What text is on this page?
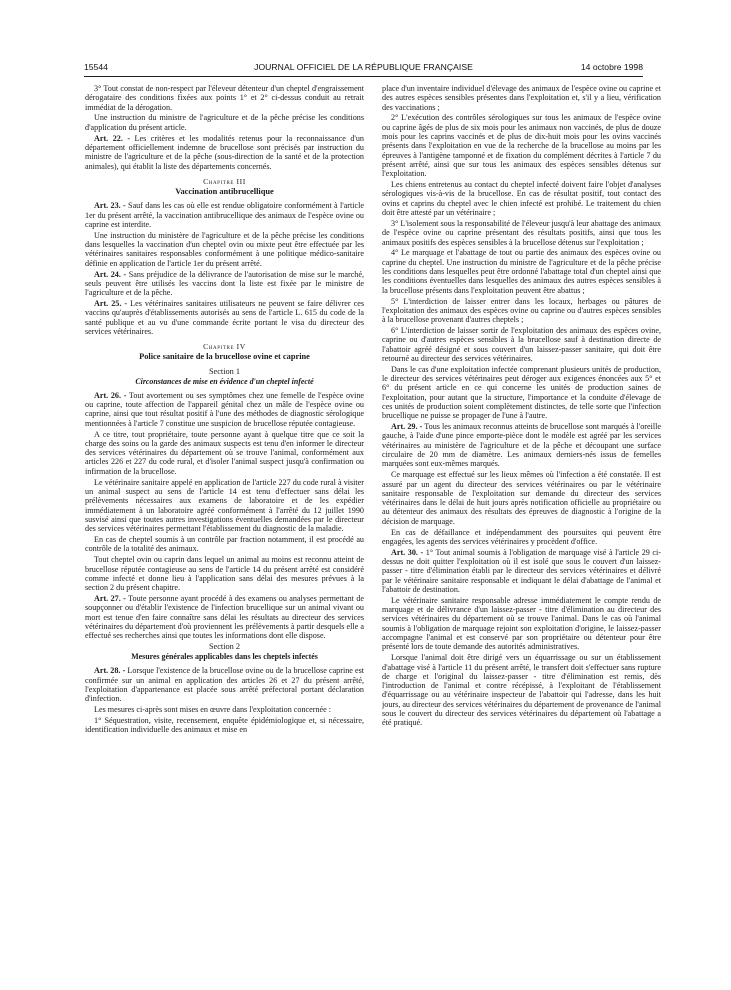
15544	JOURNAL OFFICIEL DE LA RÉPUBLIQUE FRANÇAISE	14 octobre 1998

3° Tout constat de non-respect par l'éleveur détenteur d'un cheptel d'engraissement dérogataire des conditions fixées aux points 1° et 2° ci-dessus conduit au retrait immédiat de la dérogation.

Une instruction du ministre de l'agriculture et de la pêche précise les conditions d'application du présent article.

Art. 22. - Les critères et les modalités retenus pour la reconnaissance d'un département officiellement indemne de brucellose sont précisés par instruction du ministre de l'agriculture et de la pêche (sous-direction de la santé et de la protection animales), qui établit la liste des départements concernés.

Chapitre III

Vaccination antibrucellique

Art. 23. - Sauf dans les cas où elle est rendue obligatoire conformément à l'article 1er du présent arrêté, la vaccination antibrucellique des animaux de l'espèce ovine ou caprine est interdite.

Une instruction du ministère de l'agriculture et de la pêche précise les conditions dans lesquelles la vaccination d'un cheptel ovin ou mixte peut être effectuée par les vétérinaires sanitaires responsables conformément à une politique médico-sanitaire définie en application de l'article 1er du présent arrêté.

Art. 24. - Sans préjudice de la délivrance de l'autorisation de mise sur le marché, seuls peuvent être utilisés les vaccins dont la liste est fixée par le ministre de l'agriculture et de la pêche.

Art. 25. - Les vétérinaires sanitaires utilisateurs ne peuvent se faire délivrer ces vaccins qu'auprès d'établissements autorisés au sens de l'article L. 615 du code de la santé publique et au vu d'une commande écrite portant le visa du directeur des services vétérinaires.

Chapitre IV

Police sanitaire de la brucellose ovine et caprine

Section 1

Circonstances de mise en évidence d'un cheptel infecté

Art. 26. - Tout avortement ou ses symptômes chez une femelle de l'espèce ovine ou caprine, toute affection de l'appareil génital chez un mâle de l'espèce ovine ou caprine, ainsi que tout résultat positif à l'une des méthodes de diagnostic sérologique mentionnées à l'article 7 constitue une suspicion de brucellose réputée contagieuse.

A ce titre, tout propriétaire, toute personne ayant à quelque titre que ce soit la charge des soins ou la garde des animaux suspects est tenu d'en informer le directeur des services vétérinaires du département où se trouve l'animal, conformément aux articles 226 et 227 du code rural, et d'isoler l'animal suspect jusqu'à confirmation ou infirmation de la brucellose.

Le vétérinaire sanitaire appelé en application de l'article 227 du code rural à visiter un animal suspect au sens de l'article 14 est tenu d'effectuer sans délai les prélèvements nécessaires aux examens de laboratoire et de les expédier immédiatement à un laboratoire agréé conformément à l'arrêté du 12 juillet 1990 susvisé ainsi que toutes autres investigations éventuelles demandées par le directeur des services vétérinaires permettant l'établissement du diagnostic de la maladie.

En cas de cheptel soumis à un contrôle par fraction notamment, il est procédé au contrôle de la totalité des animaux.

Tout cheptel ovin ou caprin dans lequel un animal au moins est reconnu atteint de brucellose réputée contagieuse au sens de l'article 14 du présent arrêté est considéré comme infecté et donne lieu à l'application sans délai des mesures prévues à la section 2 du présent chapitre.

Art. 27. - Toute personne ayant procédé à des examens ou analyses permettant de soupçonner ou d'établir l'existence de l'infection brucellique sur un animal vivant ou mort est tenue d'en faire connaître sans délai les résultats au directeur des services vétérinaires du département d'où proviennent les prélèvements à partir desquels elle a effectué ses recherches ainsi que toutes les informations dont elle dispose.

Section 2

Mesures générales applicables dans les cheptels infectés

Art. 28. - Lorsque l'existence de la brucellose ovine ou de la brucellose caprine est confirmée sur un animal en application des articles 26 et 27 du présent arrêté, l'exploitation d'appartenance est placée sous arrêté préfectoral portant déclaration d'infection.

Les mesures ci-après sont mises en œuvre dans l'exploitation concernée :

1° Séquestration, visite, recensement, enquête épidémiologique et, si nécessaire, identification individuelle des animaux et mise en

place d'un inventaire individuel d'élevage des animaux de l'espèce ovine ou caprine et des autres espèces sensibles présentes dans l'exploitation et, s'il y a lieu, vérification des vaccinations ;

2° L'exécution des contrôles sérologiques sur tous les animaux de l'espèce ovine ou caprine âgés de plus de six mois pour les animaux non vaccinés, de plus de douze mois pour les caprins vaccinés et de plus de dix-huit mois pour les ovins vaccinés présents dans l'exploitation en vue de la recherche de la brucellose au moins par les épreuves à l'antigène tamponné et de fixation du complément décrites à l'article 7 du présent arrêté, ainsi que sur tous les animaux des espèces sensibles détenus sur l'exploitation.

Les chiens entretenus au contact du cheptel infecté doivent faire l'objet d'analyses sérologiques vis-à-vis de la brucellose. En cas de résultat positif, tout contact des ovins et caprins du cheptel avec le chien infecté est prohibé. Le traitement du chien doit être attesté par un vétérinaire ;

3° L'isolement sous la responsabilité de l'éleveur jusqu'à leur abattage des animaux de l'espèce ovine ou caprine présentant des résultats positifs, ainsi que tous les animaux positifs des espèces sensibles à la brucellose détenus sur l'exploitation ;

4° Le marquage et l'abattage de tout ou partie des animaux des espèces ovine ou caprine du cheptel. Une instruction du ministre de l'agriculture et de la pêche précise les conditions dans lesquelles peut être ordonné l'abattage total d'un cheptel ainsi que les conditions éventuelles dans lesquelles des animaux des autres espèces sensibles à la brucellose présents dans l'exploitation peuvent être abattus ;

5° L'interdiction de laisser entrer dans les locaux, herbages ou pâtures de l'exploitation des animaux des espèces ovine ou caprine ou d'autres espèces sensibles à la brucellose provenant d'autres cheptels ;

6° L'interdiction de laisser sortir de l'exploitation des animaux des espèces ovine, caprine ou d'autres espèces sensibles à la brucellose sauf à destination directe de l'abattoir agréé désigné et sous couvert d'un laissez-passer sanitaire, qui doit être retourné au directeur des services vétérinaires.

Dans le cas d'une exploitation infectée comprenant plusieurs unités de production, le directeur des services vétérinaires peut déroger aux exigences énoncées aux 5° et 6° du présent article en ce qui concerne les unités de production saines de l'exploitation, pour autant que la structure, l'importance et la conduite d'élevage de ces unités de production soient complètement distinctes, de telle sorte que l'infection brucellique ne puisse se propager de l'une à l'autre.

Art. 29. - Tous les animaux reconnus atteints de brucellose sont marqués à l'oreille gauche, à l'aide d'une pince emporte-pièce dont le modèle est agréé par les services vétérinaires au ministère de l'agriculture et de la pêche et découpant une surface circulaire de 20 mm de diamètre. Les animaux derniers-nés issus de femelles marquées sont eux-mêmes marqués.

Ce marquage est effectué sur les lieux mêmes où l'infection a été constatée. Il est assuré par un agent du directeur des services vétérinaires ou par le vétérinaire sanitaire responsable de l'exploitation sur demande du directeur des services vétérinaires dans le délai de huit jours après notification officielle au propriétaire ou au détenteur des animaux des résultats des épreuves de diagnostic à l'origine de la décision de marquage.

En cas de défaillance et indépendamment des poursuites qui peuvent être engagées, les agents des services vétérinaires y procèdent d'office.

Art. 30. - 1° Tout animal soumis à l'obligation de marquage visé à l'article 29 ci-dessus ne doit quitter l'exploitation où il est isolé que sous le couvert d'un laissez-passer - titre d'élimination établi par le directeur des services vétérinaires et délivré par le vétérinaire sanitaire responsable et indiquant le délai d'abattage de l'animal et l'abattoir de destination.

Le vétérinaire sanitaire responsable adresse immédiatement le compte rendu de marquage et de délivrance d'un laissez-passer - titre d'élimination au directeur des services vétérinaires du département où se trouve l'animal. Dans le cas où l'animal soumis à l'obligation de marquage rejoint son exploitation d'origine, le laissez-passer accompagne l'animal et est conservé par son propriétaire ou détenteur pour être présenté lors de toute demande des autorités administratives.

Lorsque l'animal doit être dirigé vers un équarrissage ou sur un établissement d'abattage visé à l'article 11 du présent arrêté, le transfert doit s'effectuer sans rupture de charge et l'original du laissez-passer - titre d'élimination est remis, dès l'introduction de l'animal et contre récépissé, à l'exploitant de l'établissement d'équarrissage ou au vétérinaire inspecteur de l'abattoir qui l'adresse, dans les huit jours, au directeur des services vétérinaires du département de provenance de l'animal sous le couvert du directeur des services vétérinaires du département où l'abattage a été pratiqué.
